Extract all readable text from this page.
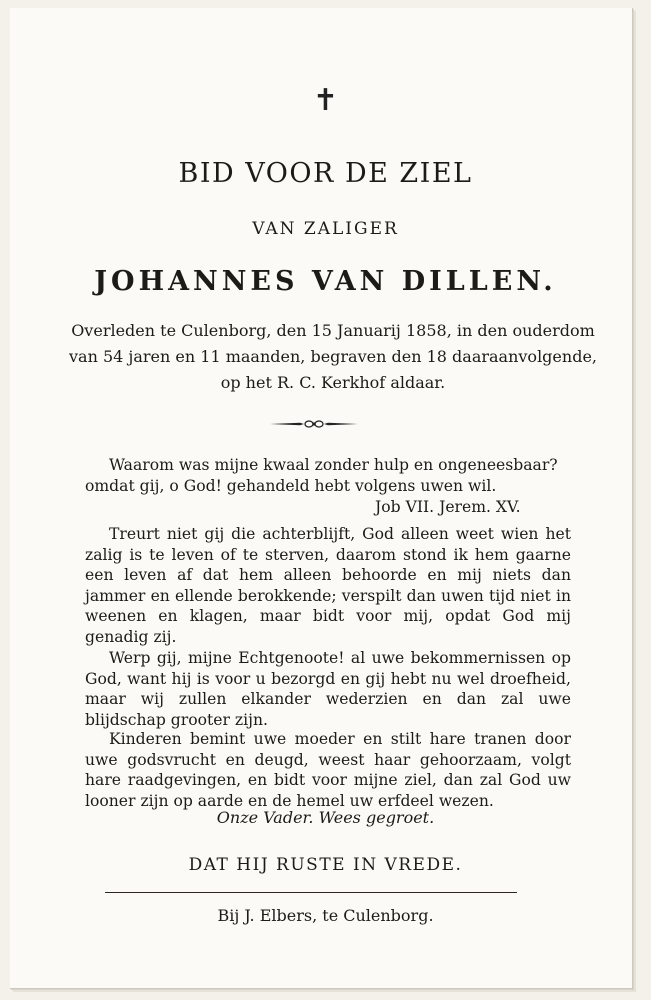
✝
BID VOOR DE ZIEL
VAN ZALIGER
JOHANNES VAN DILLEN.
Overleden te Culenborg, den 15 Januarij 1858, in den ouderdom van 54 jaren en 11 maanden, begraven den 18 daaraanvolgende, op het R. C. Kerkhof aldaar.
Waarom was mijne kwaal zonder hulp en ongeneesbaar? omdat gij, o God! gehandeld hebt volgens uwen wil.
Job VII. Jerem. XV.
Treurt niet gij die achterblijft, God alleen weet wien het zalig is te leven of te sterven, daarom stond ik hem gaarne een leven af dat hem alleen behoorde en mij niets dan jammer en ellende berokkende; verspilt dan uwen tijd niet in weenen en klagen, maar bidt voor mij, opdat God mij genadig zij.
Werp gij, mijne Echtgenoote! al uwe bekommernissen op God, want hij is voor u bezorgd en gij hebt nu wel droefheid, maar wij zullen elkander wederzien en dan zal uwe blijdschap grooter zijn.
Kinderen bemint uwe moeder en stilt hare tranen door uwe godsvrucht en deugd, weest haar gehoorzaam, volgt hare raadgevingen, en bidt voor mijne ziel, dan zal God uw looner zijn op aarde en de hemel uw erfdeel wezen.
Onze Vader. Wees gegroet.
DAT HIJ RUSTE IN VREDE.
Bij J. Elbers, te Culenborg.
